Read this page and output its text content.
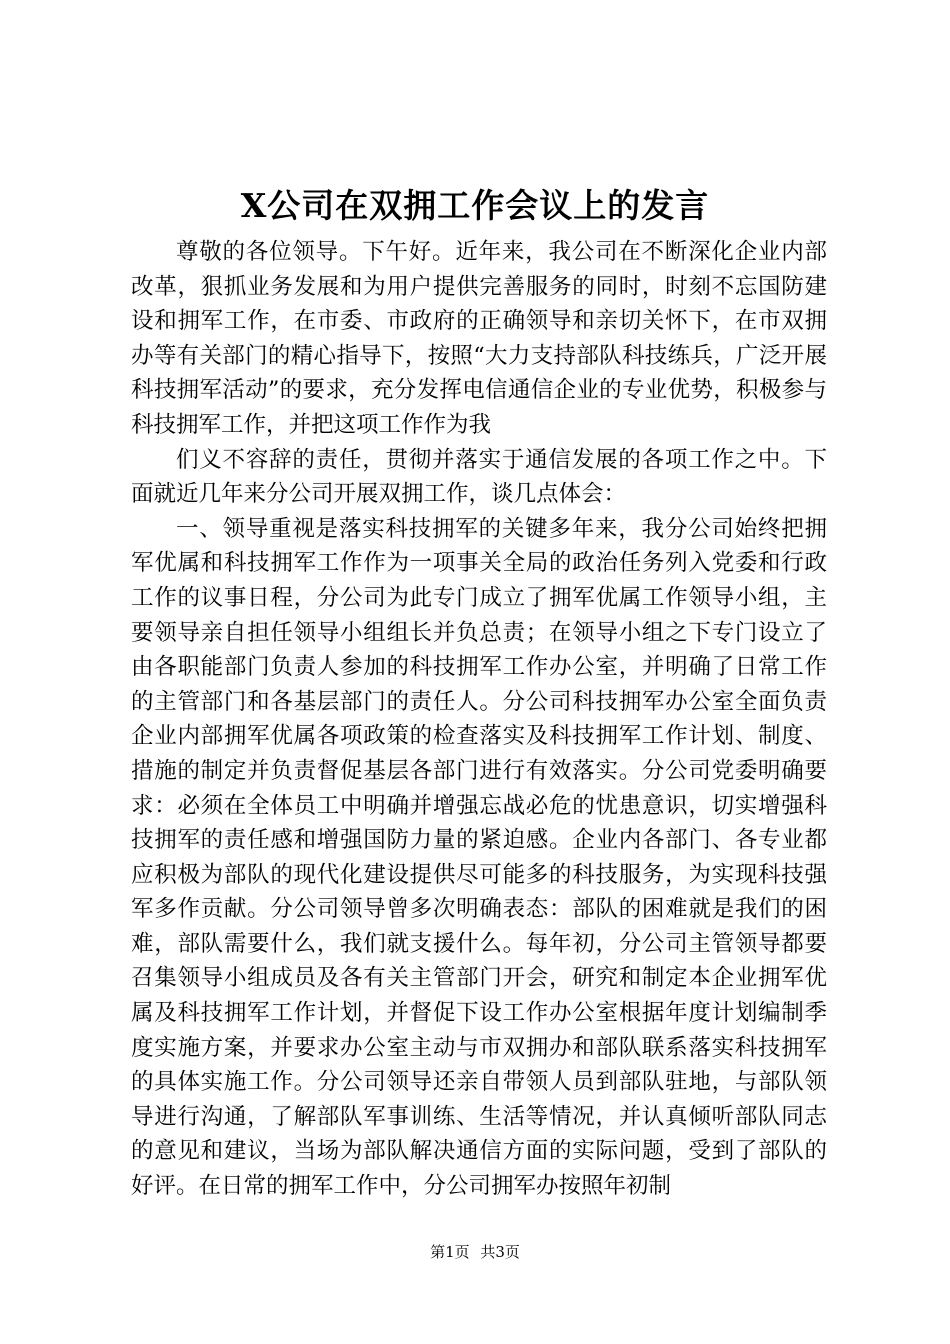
X公司在双拥工作会议上的发言

尊敬的各位领导。下午好。近年来，我公司在不断深化企业内部改革，狠抓业务发展和为用户提供完善服务的同时，时刻不忘国防建设和拥军工作，在市委、市政府的正确领导和亲切关怀下，在市双拥办等有关部门的精心指导下，按照“大力支持部队科技练兵，广泛开展科技拥军活动”的要求，充分发挥电信通信企业的专业优势，积极参与科技拥军工作，并把这项工作作为我

们义不容辞的责任，贯彻并落实于通信发展的各项工作之中。下面就近几年来分公司开展双拥工作，谈几点体会：

一、领导重视是落实科技拥军的关键多年来，我分公司始终把拥军优属和科技拥军工作作为一项事关全局的政治任务列入党委和行政工作的议事日程，分公司为此专门成立了拥军优属工作领导小组，主要领导亲自担任领导小组组长并负总责；在领导小组之下专门设立了由各职能部门负责人参加的科技拥军工作办公室，并明确了日常工作的主管部门和各基层部门的责任人。分公司科技拥军办公室全面负责企业内部拥军优属各项政策的检查落实及科技拥军工作计划、制度、措施的制定并负责督促基层各部门进行有效落实。分公司党委明确要求：必须在全体员工中明确并增强忘战必危的忧患意识，切实增强科技拥军的责任感和增强国防力量的紧迫感。企业内各部门、各专业都应积极为部队的现代化建设提供尽可能多的科技服务，为实现科技强军多作贡献。分公司领导曾多次明确表态：部队的困难就是我们的困难，部队需要什么，我们就支援什么。每年初，分公司主管领导都要召集领导小组成员及各有关主管部门开会，研究和制定本企业拥军优属及科技拥军工作计划，并督促下设工作办公室根据年度计划编制季度实施方案，并要求办公室主动与市双拥办和部队联系落实科技拥军的具体实施工作。分公司领导还亲自带领人员到部队驻地，与部队领导进行沟通，了解部队军事训练、生活等情况，并认真倾听部队同志的意见和建议，当场为部队解决通信方面的实际问题，受到了部队的好评。在日常的拥军工作中，分公司拥军办按照年初制

第1页 共3页
